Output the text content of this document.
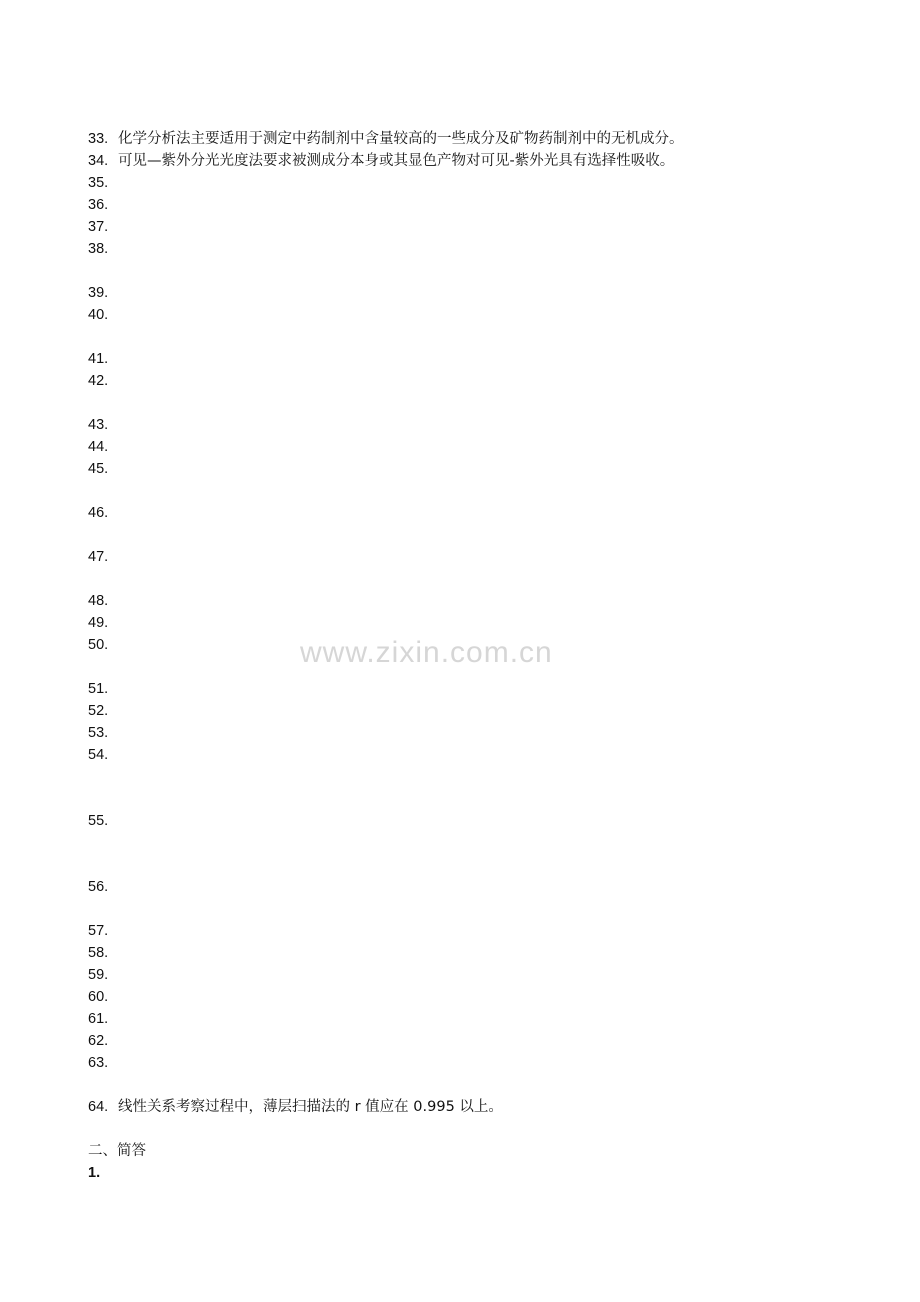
33. 化学分析法主要适用于测定中药制剂中含量较高的一些成分及矿物药制剂中的无机成分。
34. 可见—紫外分光光度法要求被测成分本身或其显色产物对可见-紫外光具有选择性吸收。
35.
36.
37.
38.
39.
40.
41.
42.
43.
44.
45.
46.
47.
48.
49.
50.
51.
52.
53.
54.
55.
56.
57.
58.
59.
60.
61.
62.
63.
64. 线性关系考察过程中，薄层扫描法的 r 值应在 0.995 以上。
二、简答
1.
www.zixin.com.cn
